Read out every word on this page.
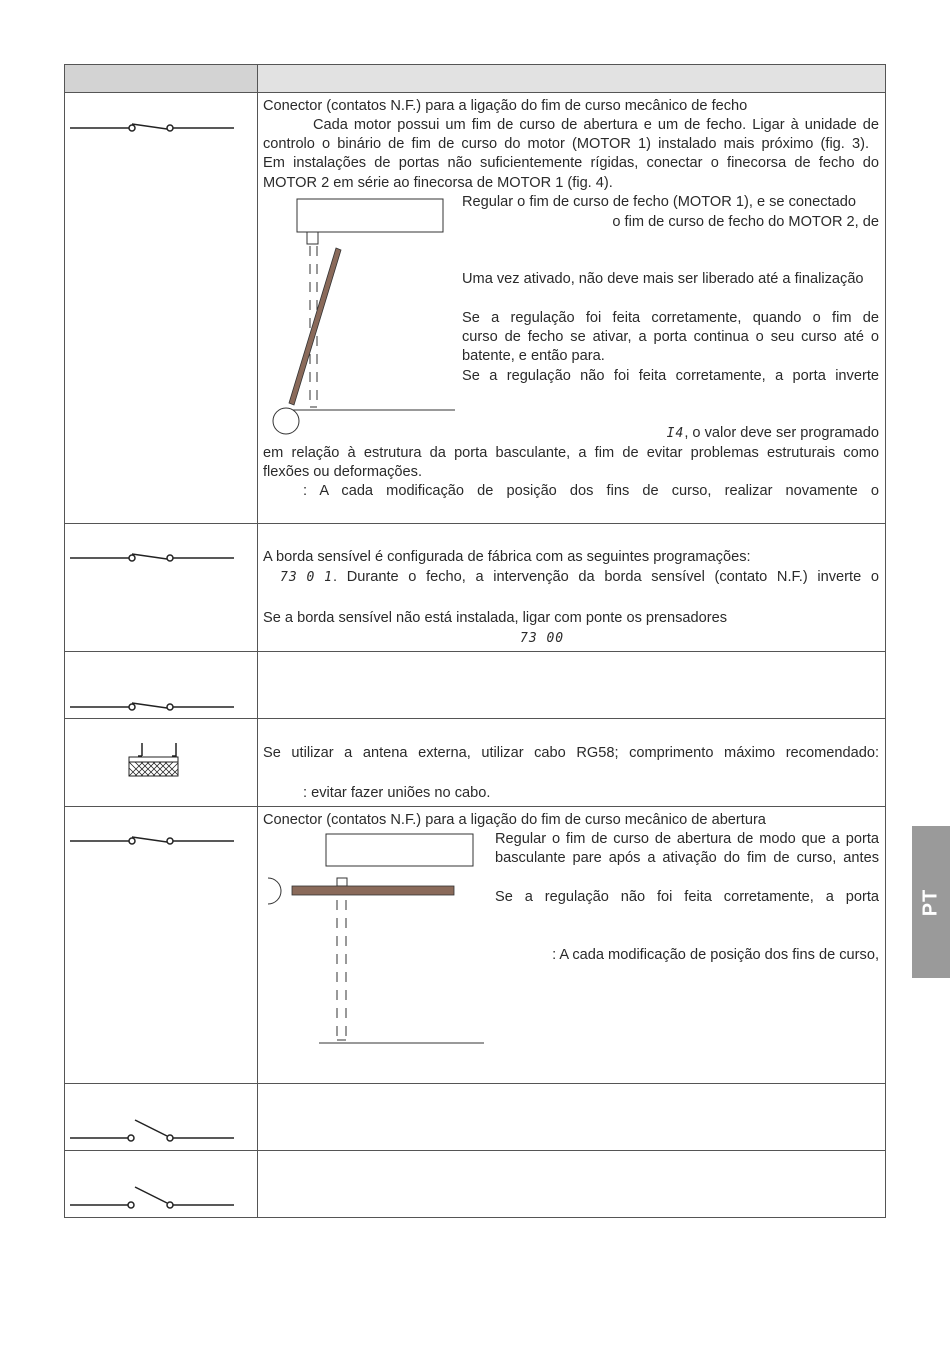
Conector (contatos N.F.) para a ligação do fim de curso mecânico de fecho
Cada motor possui um fim de curso de abertura e um de fecho. Ligar à unidade de
controlo o binário de fim de curso do motor (MOTOR 1) instalado mais próximo (fig. 3).
Em instalações de portas não suficientemente rígidas, conectar o finecorsa de fecho do
MOTOR 2 em série ao finecorsa de MOTOR 1 (fig. 4).
Regular o fim de curso de fecho (MOTOR 1), e se conectado
o fim de curso de fecho do MOTOR 2, de
Uma vez ativado, não deve mais ser liberado até a finalização
Se a regulação foi feita corretamente, quando o fim de
curso de fecho se ativar, a porta continua o seu curso até o
batente, e então para.
Se a regulação não foi feita corretamente, a porta inverte
I4, o valor deve ser programado
em relação à estrutura da porta basculante, a fim de evitar problemas estruturais como
flexões ou deformações.
: A cada modificação de posição dos fins de curso, realizar novamente o
A borda sensível é configurada de fábrica com as seguintes programações:
73 0 1 . Durante o fecho, a intervenção da borda sensível (contato N.F.) inverte o
Se a borda sensível não está instalada, ligar com ponte os prensadores
73 00
Se utilizar a antena externa, utilizar cabo RG58; comprimento máximo recomendado:
: evitar fazer uniões no cabo.
Conector (contatos N.F.) para a ligação do fim de curso mecânico de abertura
Regular o fim de curso de abertura de modo que a porta
basculante pare após a ativação do fim de curso, antes
Se a regulação não foi feita corretamente, a porta
: A cada modificação de posição dos fins de curso,
PT
